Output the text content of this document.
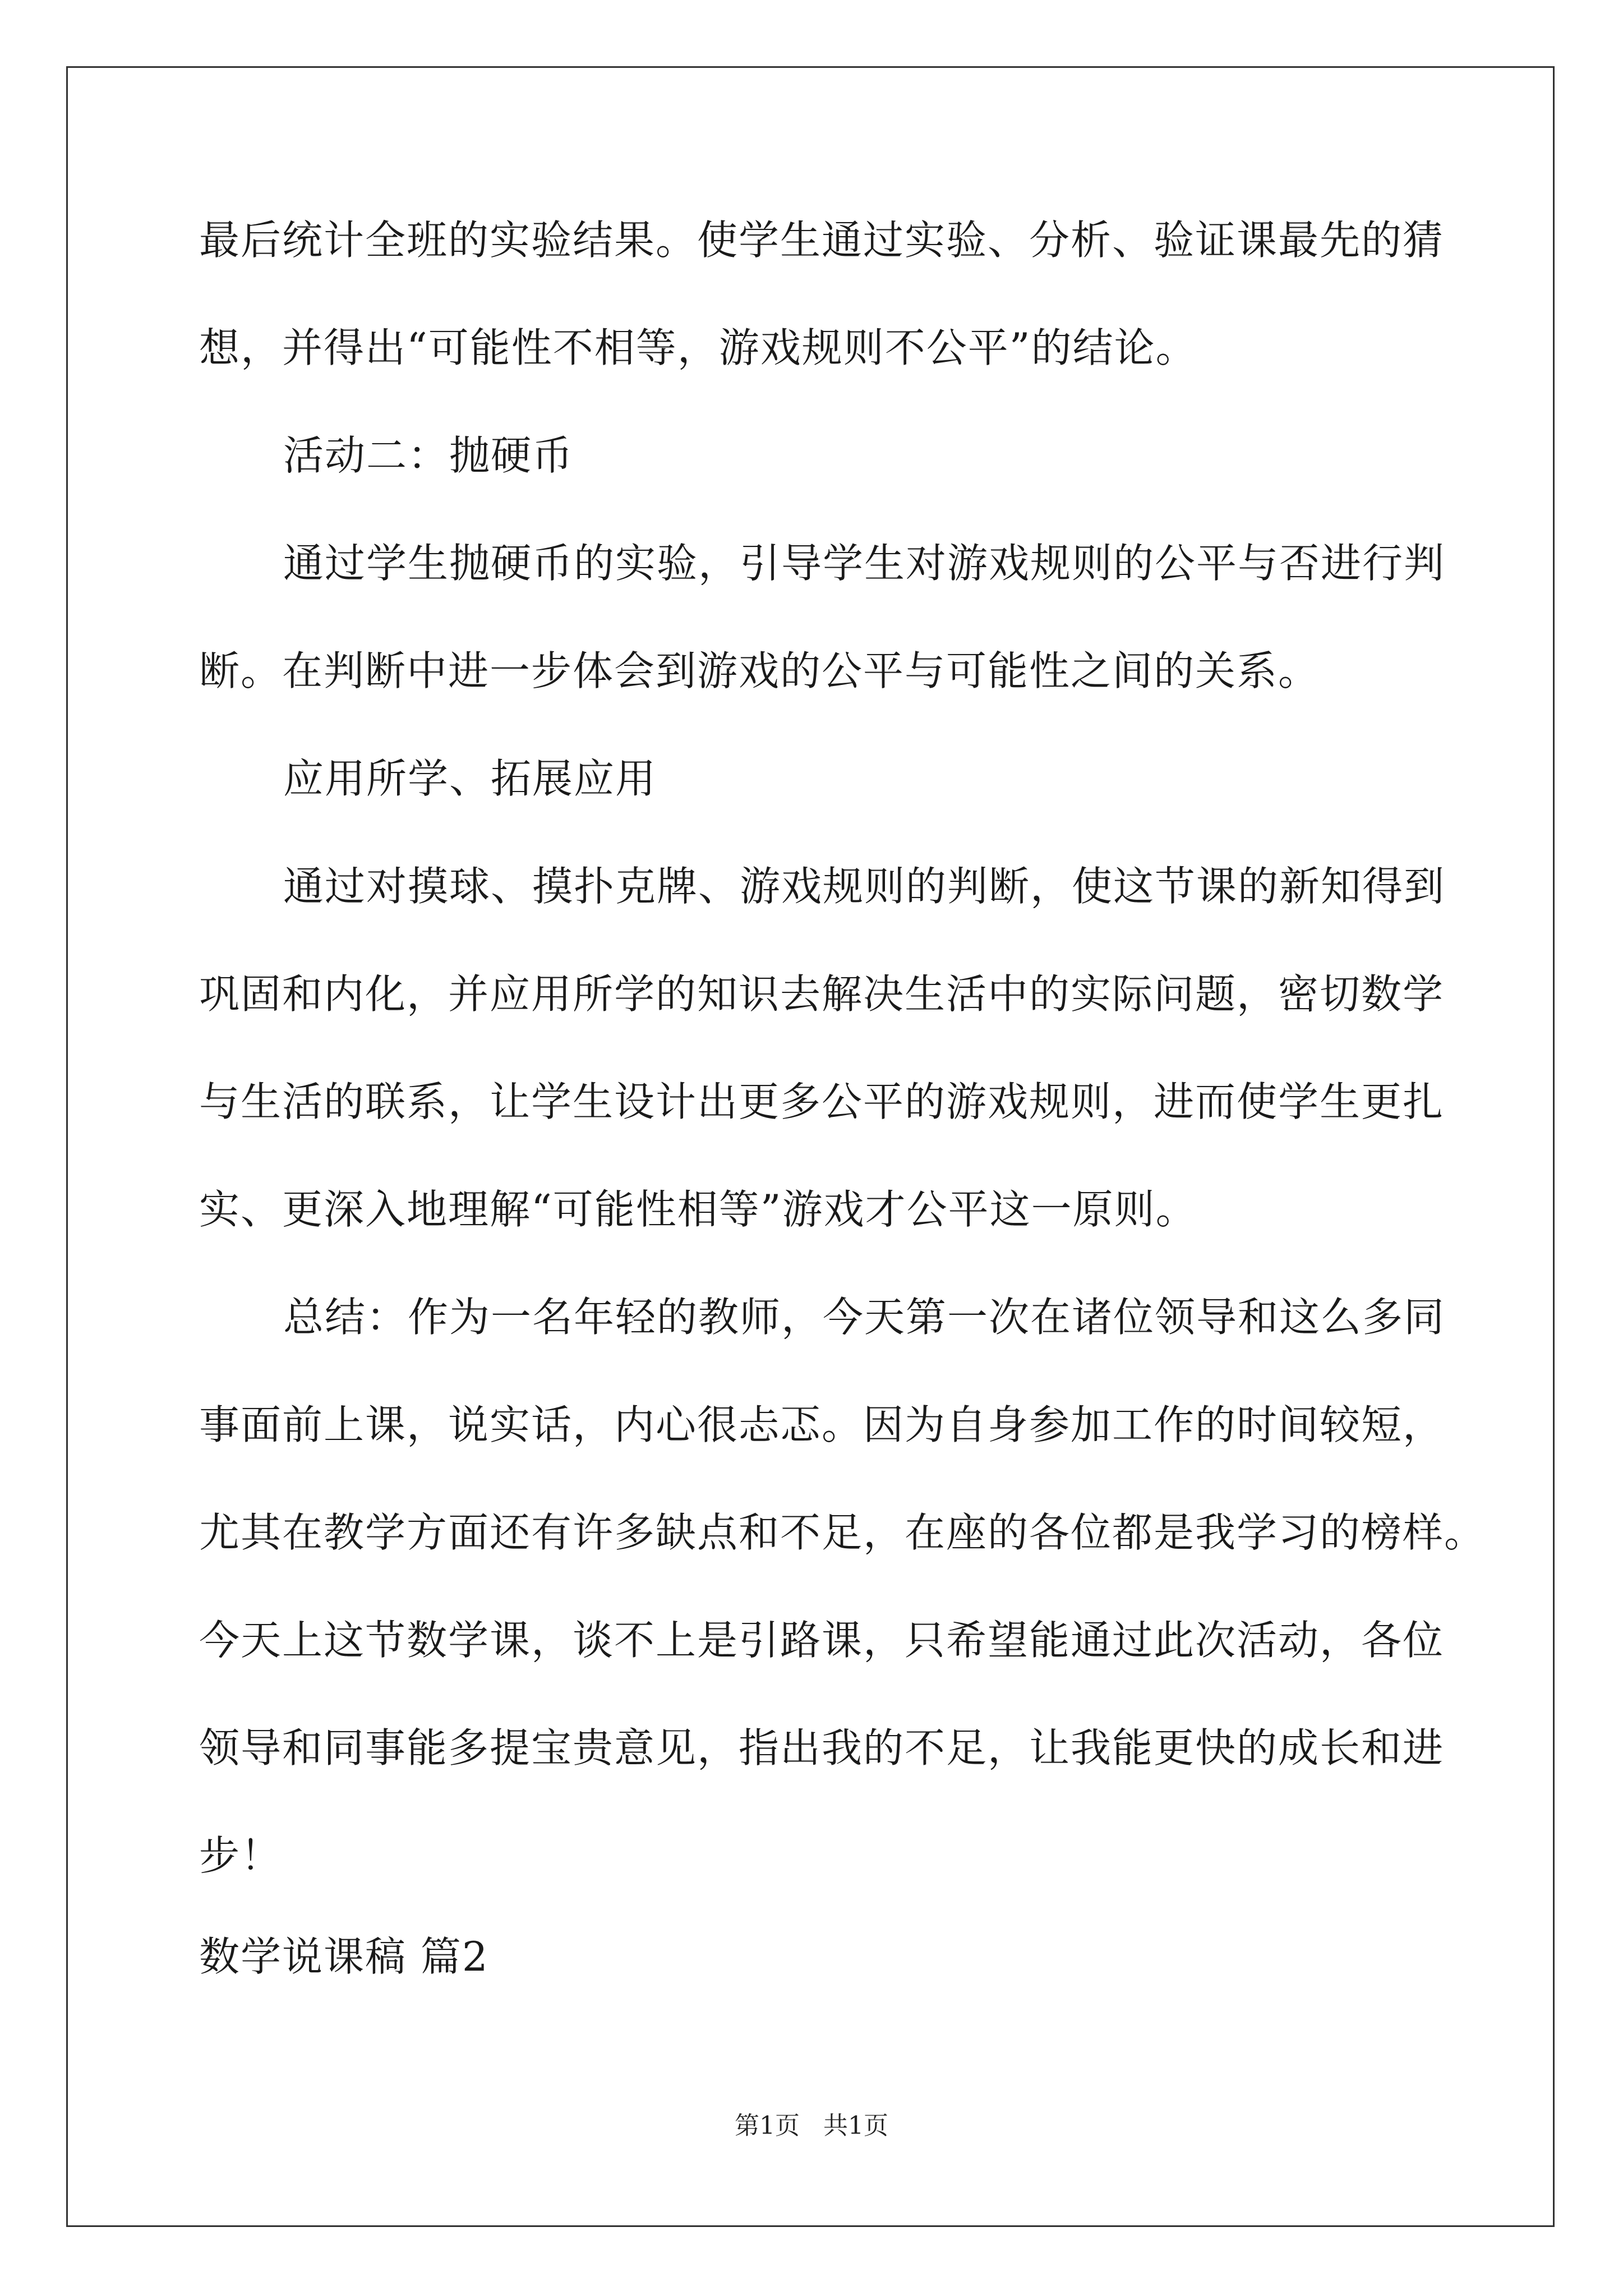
最后统计全班的实验结果。使学生通过实验、分析、验证课最先的猜
想，并得出“可能性不相等，游戏规则不公平”的结论。
活动二：抛硬币
通过学生抛硬币的实验，引导学生对游戏规则的公平与否进行判
断。在判断中进一步体会到游戏的公平与可能性之间的关系。
应用所学、拓展应用
通过对摸球、摸扑克牌、游戏规则的判断，使这节课的新知得到
巩固和内化，并应用所学的知识去解决生活中的实际问题，密切数学
与生活的联系，让学生设计出更多公平的游戏规则，进而使学生更扎
实、更深入地理解“可能性相等”游戏才公平这一原则。
总结：作为一名年轻的教师，今天第一次在诸位领导和这么多同
事面前上课，说实话，内心很忐忑。因为自身参加工作的时间较短，
尤其在教学方面还有许多缺点和不足，在座的各位都是我学习的榜样。
今天上这节数学课，谈不上是引路课，只希望能通过此次活动，各位
领导和同事能多提宝贵意见，指出我的不足，让我能更快的成长和进
步！
数学说课稿 篇2
第1页   共1页
